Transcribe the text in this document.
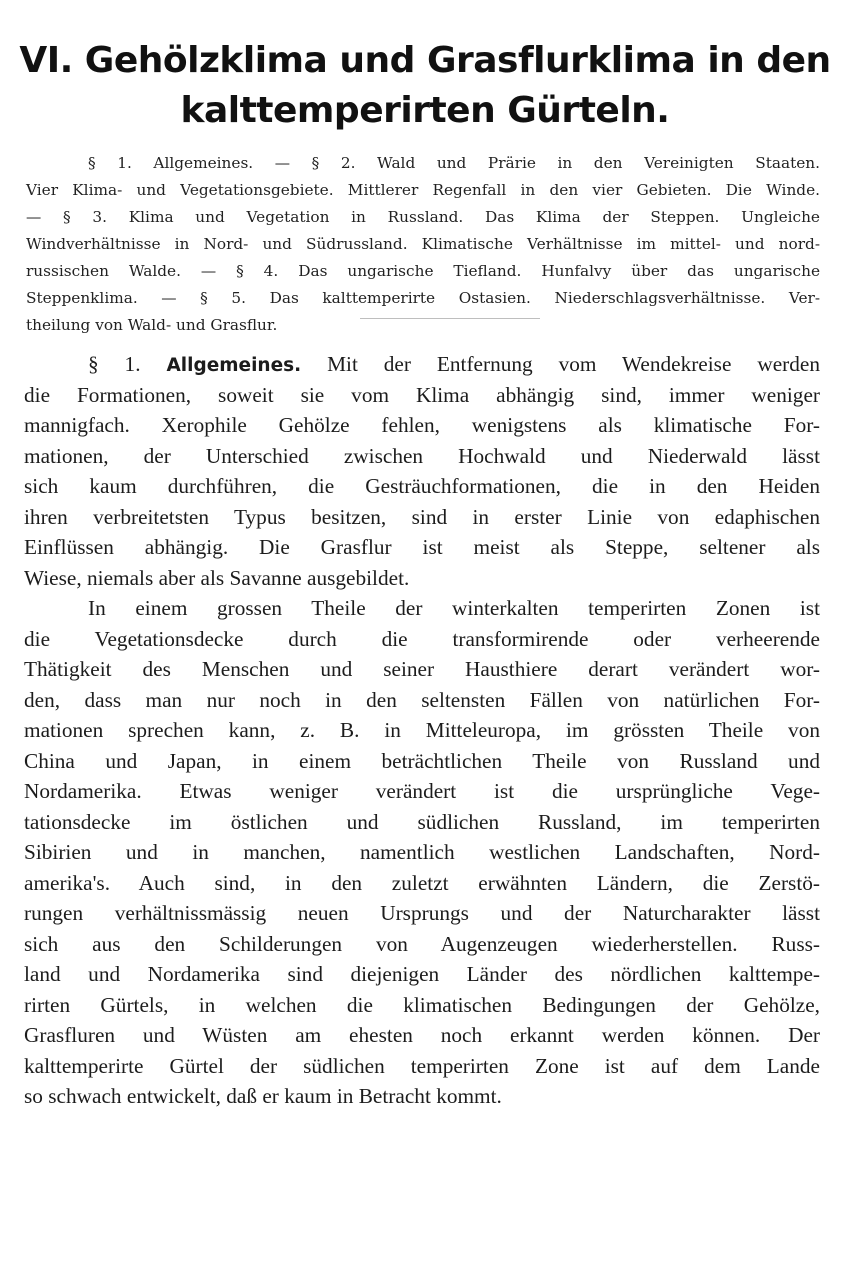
VI. Gehölzklima und Grasflurklima in den
kalttemperirten Gürteln.
§ 1. Allgemeines. — § 2. Wald und Prärie in den Vereinigten Staaten.
Vier Klima- und Vegetationsgebiete. Mittlerer Regenfall in den vier Gebieten. Die Winde.
— § 3. Klima und Vegetation in Russland. Das Klima der Steppen. Ungleiche
Windverhältnisse in Nord- und Südrussland. Klimatische Verhältnisse im mittel- und nord-
russischen Walde. — § 4. Das ungarische Tiefland. Hunfalvy über das ungarische
Steppenklima. — § 5. Das kalttemperirte Ostasien. Niederschlagsverhältnisse. Ver-
theilung von Wald- und Grasflur.
§ 1. Allgemeines. Mit der Entfernung vom Wendekreise werden
die Formationen, soweit sie vom Klima abhängig sind, immer weniger
mannigfach. Xerophile Gehölze fehlen, wenigstens als klimatische For-
mationen, der Unterschied zwischen Hochwald und Niederwald lässt
sich kaum durchführen, die Gesträuchformationen, die in den Heiden
ihren verbreitetsten Typus besitzen, sind in erster Linie von edaphischen
Einflüssen abhängig. Die Grasflur ist meist als Steppe, seltener als
Wiese, niemals aber als Savanne ausgebildet.
In einem grossen Theile der winterkalten temperirten Zonen ist
die Vegetationsdecke durch die transformirende oder verheerende
Thätigkeit des Menschen und seiner Hausthiere derart verändert wor-
den, dass man nur noch in den seltensten Fällen von natürlichen For-
mationen sprechen kann, z. B. in Mitteleuropa, im grössten Theile von
China und Japan, in einem beträchtlichen Theile von Russland und
Nordamerika. Etwas weniger verändert ist die ursprüngliche Vege-
tationsdecke im östlichen und südlichen Russland, im temperirten
Sibirien und in manchen, namentlich westlichen Landschaften, Nord-
amerika's. Auch sind, in den zuletzt erwähnten Ländern, die Zerstö-
rungen verhältnissmässig neuen Ursprungs und der Naturcharakter lässt
sich aus den Schilderungen von Augenzeugen wiederherstellen. Russ-
land und Nordamerika sind diejenigen Länder des nördlichen kalttempe-
rirten Gürtels, in welchen die klimatischen Bedingungen der Gehölze,
Grasfluren und Wüsten am ehesten noch erkannt werden können. Der
kalttemperirte Gürtel der südlichen temperirten Zone ist auf dem Lande
so schwach entwickelt, daß er kaum in Betracht kommt.
